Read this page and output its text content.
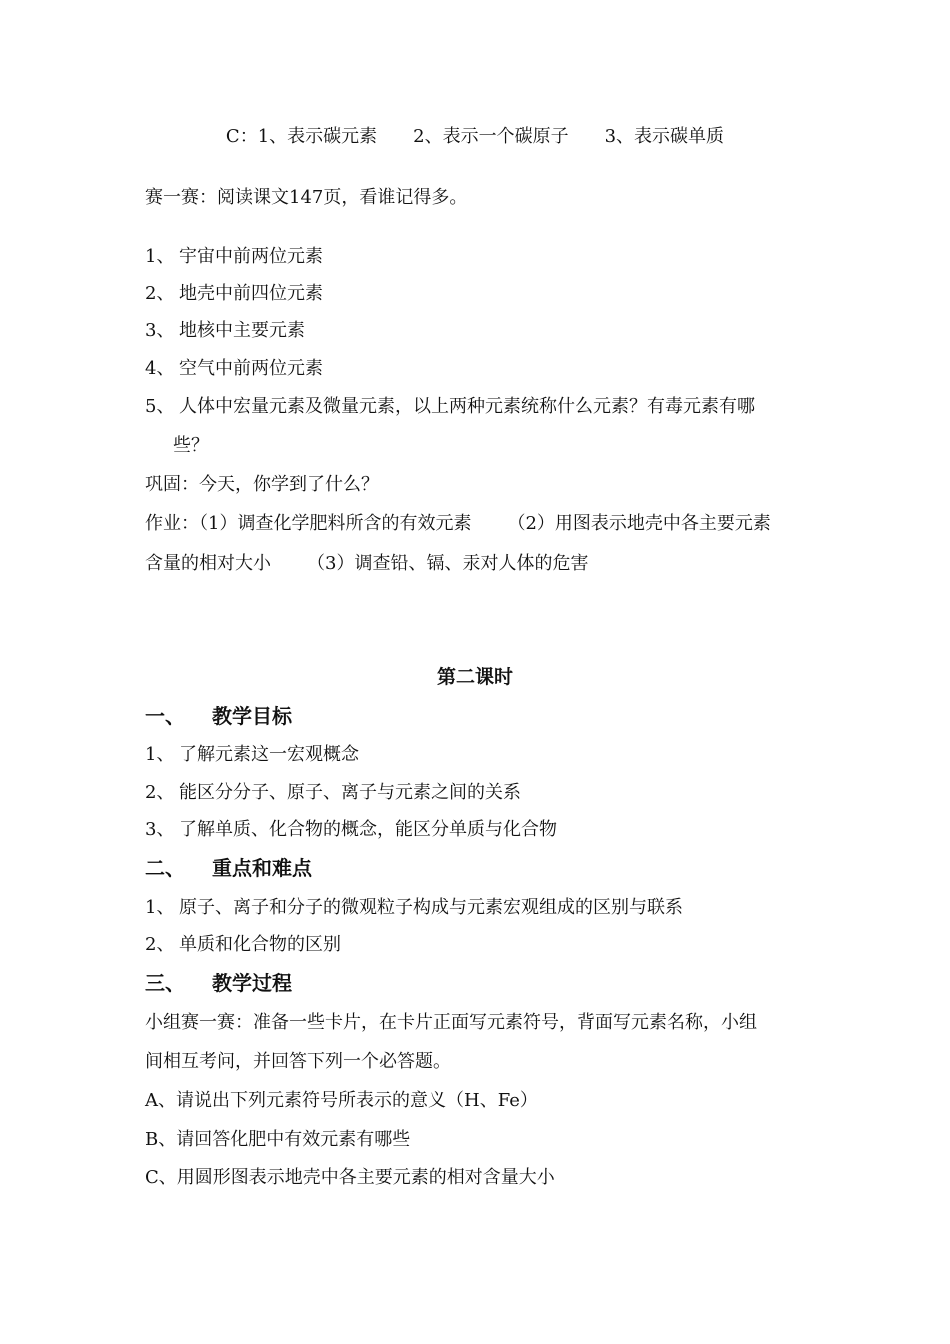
C：1、表示碳元素 2、表示一个碳原子 3、表示碳单质
赛一赛：阅读课文147页，看谁记得多。
1、 宇宙中前两位元素
2、 地壳中前四位元素
3、 地核中主要元素
4、 空气中前两位元素
5、 人体中宏量元素及微量元素，以上两种元素统称什么元素？有毒元素有哪
些？
巩固：今天，你学到了什么？
作业：（1）调查化学肥料所含的有效元素 （2）用图表示地壳中各主要元素
含量的相对大小 （3）调查铅、镉、汞对人体的危害
第二课时
一、 教学目标
1、 了解元素这一宏观概念
2、 能区分分子、原子、离子与元素之间的关系
3、 了解单质、化合物的概念，能区分单质与化合物
二、 重点和难点
1、 原子、离子和分子的微观粒子构成与元素宏观组成的区别与联系
2、 单质和化合物的区别
三、 教学过程
小组赛一赛：准备一些卡片，在卡片正面写元素符号，背面写元素名称，小组
间相互考问，并回答下列一个必答题。
A、请说出下列元素符号所表示的意义（H、Fe）
B、请回答化肥中有效元素有哪些
C、用圆形图表示地壳中各主要元素的相对含量大小
